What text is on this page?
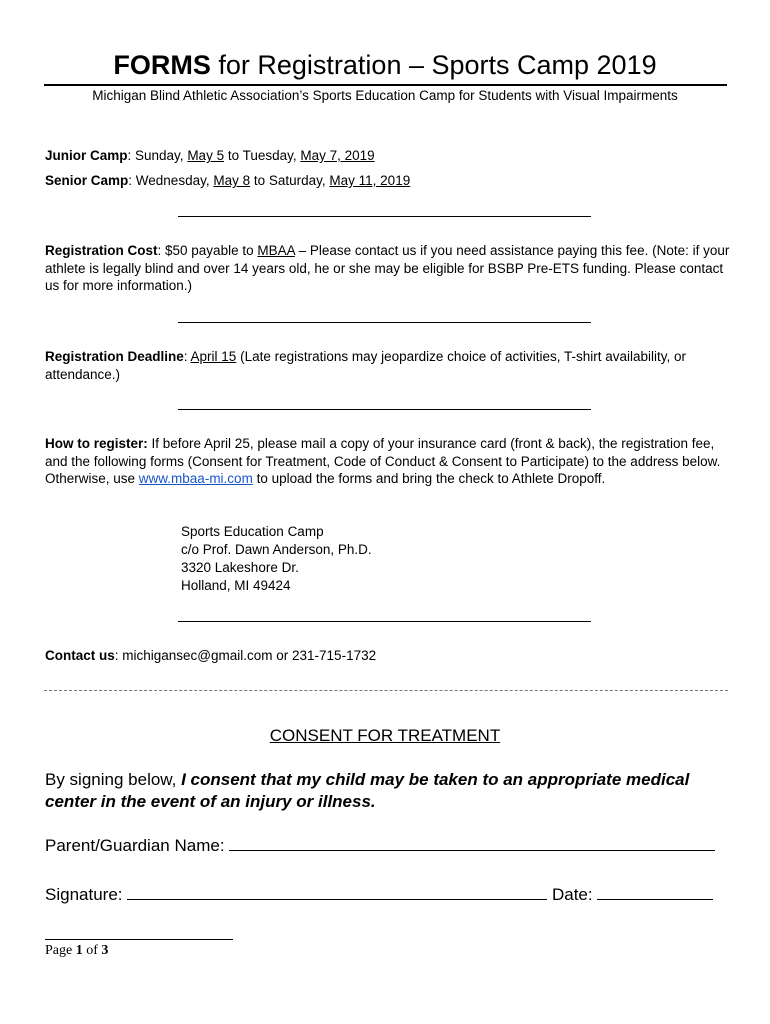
FORMS for Registration – Sports Camp 2019
Michigan Blind Athletic Association’s Sports Education Camp for Students with Visual Impairments
Junior Camp: Sunday, May 5 to Tuesday, May 7, 2019
Senior Camp: Wednesday, May 8 to Saturday, May 11, 2019
Registration Cost: $50 payable to MBAA – Please contact us if you need assistance paying this fee. (Note: if your athlete is legally blind and over 14 years old, he or she may be eligible for BSBP Pre-ETS funding. Please contact us for more information.)
Registration Deadline: April 15 (Late registrations may jeopardize choice of activities, T-shirt availability, or attendance.)
How to register: If before April 25, please mail a copy of your insurance card (front & back), the registration fee, and the following forms (Consent for Treatment, Code of Conduct & Consent to Participate) to the address below. Otherwise, use www.mbaa-mi.com to upload the forms and bring the check to Athlete Dropoff.
Sports Education Camp
c/o Prof. Dawn Anderson, Ph.D.
3320 Lakeshore Dr.
Holland, MI 49424
Contact us: michigansec@gmail.com or 231-715-1732
CONSENT FOR TREATMENT
By signing below, I consent that my child may be taken to an appropriate medical center in the event of an injury or illness.
Parent/Guardian Name:
Signature:	Date:
Page 1 of 3
